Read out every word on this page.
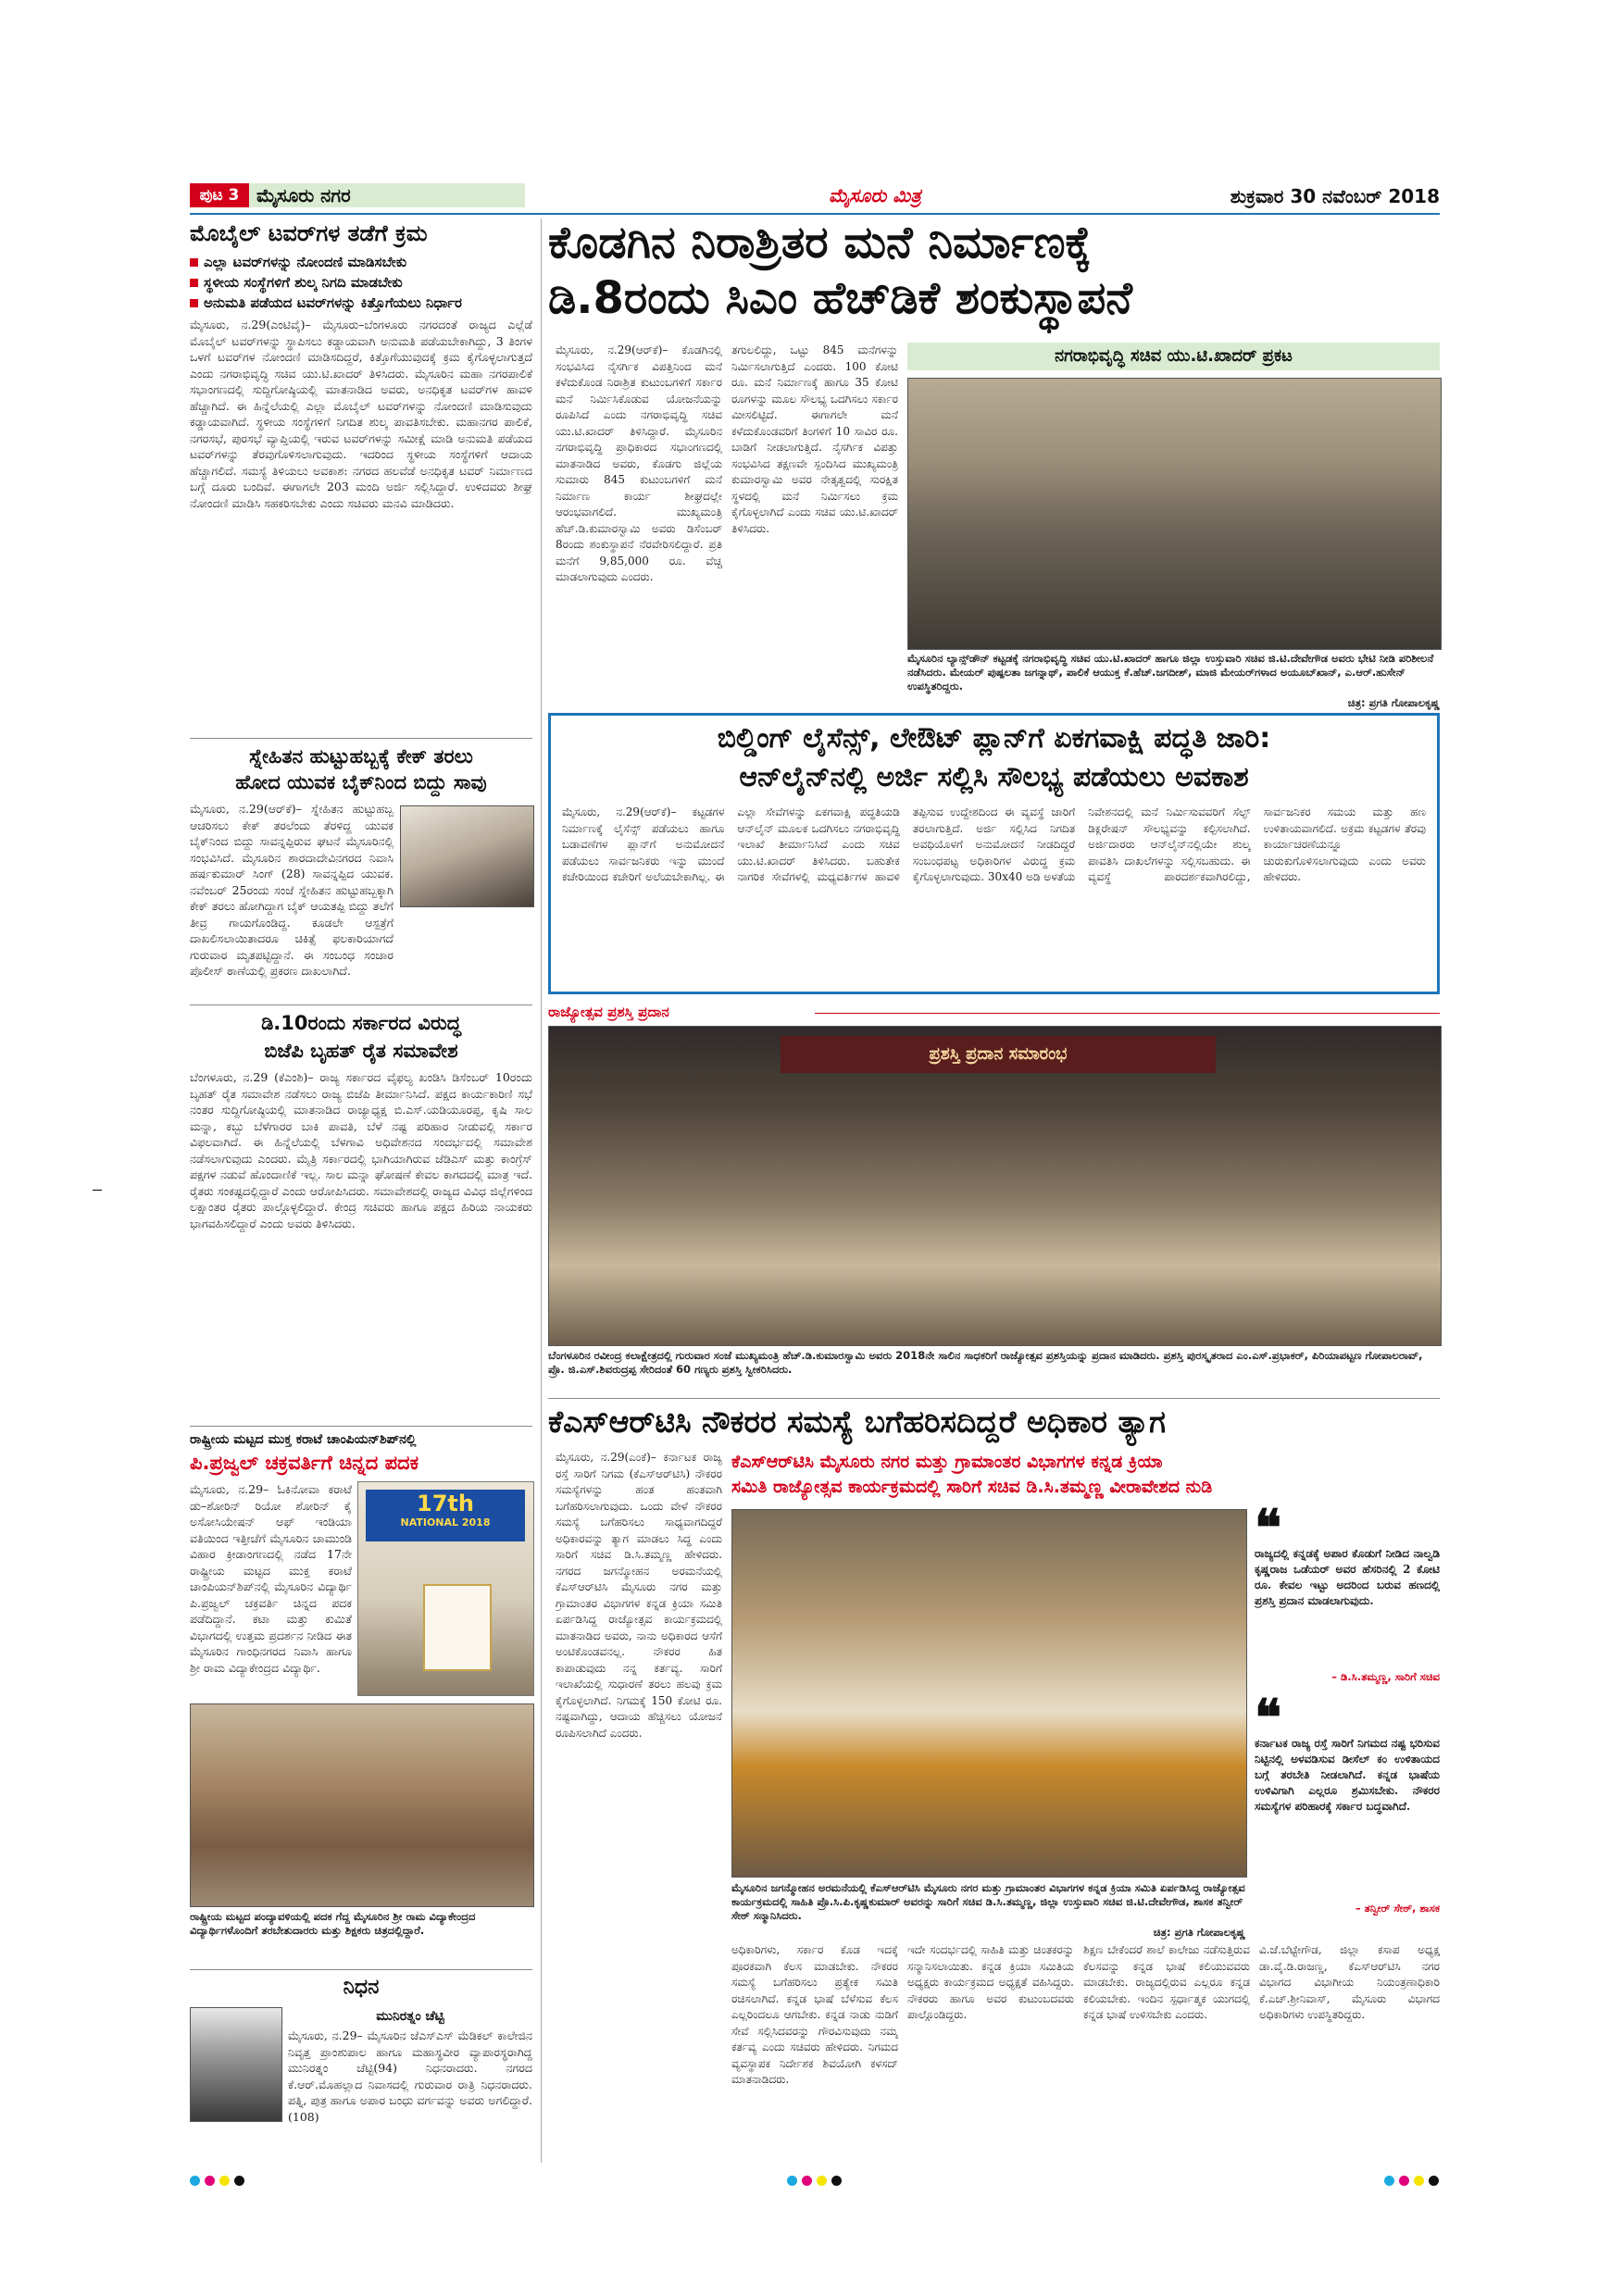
ಪುಟ 3 ಮೈಸೂರು ನಗರ	ಮೈಸೂರು ಮಿತ್ರ	ಶುಕ್ರವಾರ 30 ನವೆಂಬರ್ 2018
ಮೊಬೈಲ್ ಟವರ್‌ಗಳ ತಡೆಗೆ ಕ್ರಮ
ಎಲ್ಲಾ ಟವರ್‌ಗಳನ್ನು ನೋಂದಣಿ ಮಾಡಿಸಬೇಕು
ಸ್ಥಳೀಯ ಸಂಸ್ಥೆಗಳಿಗೆ ಶುಲ್ಕ ನಿಗದಿ ಮಾಡಬೇಕು
ಅನುಮತಿ ಪಡೆಯದ ಟವರ್‌ಗಳನ್ನು ಕಿತ್ತೊಗೆಯಲು ನಿರ್ಧಾರ
ಮೈಸೂರು, ನ.29(ಎಂಟಿವೈ)– ಮೈಸೂರು–ಬೆಂಗಳೂರು ನಗರದಂತೆ ರಾಜ್ಯದ ಎಲ್ಲೆಡೆ ಮೊಬೈಲ್ ಟವರ್‌ಗಳನ್ನು ಸ್ಥಾಪಿಸಲು ಕಡ್ಡಾಯವಾಗಿ ಅನುಮತಿ ಪಡೆಯಬೇಕಾಗಿದ್ದು, 3 ತಿಂಗಳ ಒಳಗೆ ಟವರ್‌ಗಳ ನೋಂದಣಿ ಮಾಡಿಸದಿದ್ದರೆ, ಕಿತ್ತೊಗೆಯುವುದಕ್ಕೆ ಕ್ರಮ ಕೈಗೊಳ್ಳಲಾಗುತ್ತದೆ ಎಂದು ನಗರಾಭಿವೃದ್ಧಿ ಸಚಿವ ಯು.ಟಿ.ಖಾದರ್ ತಿಳಿಸಿದರು. ಮೈಸೂರಿನ ಮಹಾ ನಗರಪಾಲಿಕೆ ಸಭಾಂಗಣದಲ್ಲಿ ಸುದ್ದಿಗೋಷ್ಠಿಯಲ್ಲಿ ಮಾತನಾಡಿದ ಅವರು, ಅನಧಿಕೃತ ಟವರ್‌ಗಳ ಹಾವಳಿ ಹೆಚ್ಚಾಗಿದೆ. ಈ ಹಿನ್ನೆಲೆಯಲ್ಲಿ ಎಲ್ಲಾ ಮೊಬೈಲ್ ಟವರ್‌ಗಳನ್ನು ನೋಂದಣಿ ಮಾಡಿಸುವುದು ಕಡ್ಡಾಯವಾಗಿದೆ. ಸ್ಥಳೀಯ ಸಂಸ್ಥೆಗಳಿಗೆ ನಿಗದಿತ ಶುಲ್ಕ ಪಾವತಿಸಬೇಕು. ಮಹಾನಗರ ಪಾಲಿಕೆ, ನಗರಸಭೆ, ಪುರಸಭೆ ವ್ಯಾಪ್ತಿಯಲ್ಲಿ ಇರುವ ಟವರ್‌ಗಳನ್ನು ಸಮೀಕ್ಷೆ ಮಾಡಿ ಅನುಮತಿ ಪಡೆಯದ ಟವರ್‌ಗಳನ್ನು ತೆರವುಗೊಳಿಸಲಾಗುವುದು. ಇದರಿಂದ ಸ್ಥಳೀಯ ಸಂಸ್ಥೆಗಳಿಗೆ ಆದಾಯ ಹೆಚ್ಚಾಗಲಿದೆ. ಸಮಸ್ಯೆ ತಿಳಿಯಲು ಅವಕಾಶ: ನಗರದ ಹಲವೆಡೆ ಅನಧಿಕೃತ ಟವರ್ ನಿರ್ಮಾಣದ ಬಗ್ಗೆ ದೂರು ಬಂದಿವೆ. ಈಗಾಗಲೇ 203 ಮಂದಿ ಅರ್ಜಿ ಸಲ್ಲಿಸಿದ್ದಾರೆ. ಉಳಿದವರು ಶೀಘ್ರ ನೋಂದಣಿ ಮಾಡಿಸಿ ಸಹಕರಿಸಬೇಕು ಎಂದು ಸಚಿವರು ಮನವಿ ಮಾಡಿದರು.
ಸ್ನೇಹಿತನ ಹುಟ್ಟುಹಬ್ಬಕ್ಕೆ ಕೇಕ್ ತರಲು
ಹೋದ ಯುವಕ ಬೈಕ್‌ನಿಂದ ಬಿದ್ದು ಸಾವು
ಮೈಸೂರು, ನ.29(ಆರ್‌ಕೆ)– ಸ್ನೇಹಿತನ ಹುಟ್ಟುಹಬ್ಬ ಆಚರಿಸಲು ಕೇಕ್ ತರಲೆಂದು ತೆರಳಿದ್ದ ಯುವಕ ಬೈಕ್‌ನಿಂದ ಬಿದ್ದು ಸಾವನ್ನಪ್ಪಿರುವ ಘಟನೆ ಮೈಸೂರಿನಲ್ಲಿ ಸಂಭವಿಸಿದೆ. ಮೈಸೂರಿನ ಶಾರದಾದೇವಿನಗರದ ನಿವಾಸಿ ಹರ್ಷಕುಮಾರ್ ಸಿಂಗ್ (28) ಸಾವನ್ನಪ್ಪಿದ ಯುವಕ. ನವೆಂಬರ್ 25ರಂದು ಸಂಜೆ ಸ್ನೇಹಿತನ ಹುಟ್ಟುಹಬ್ಬಕ್ಕಾಗಿ ಕೇಕ್ ತರಲು ಹೋಗಿದ್ದಾಗ ಬೈಕ್ ಆಯತಪ್ಪಿ ಬಿದ್ದು ತಲೆಗೆ ತೀವ್ರ ಗಾಯಗೊಂಡಿದ್ದ. ಕೂಡಲೇ ಆಸ್ಪತ್ರೆಗೆ ದಾಖಲಿಸಲಾಯಿತಾದರೂ ಚಿಕಿತ್ಸೆ ಫಲಕಾರಿಯಾಗದೆ ಗುರುವಾರ ಮೃತಪಟ್ಟಿದ್ದಾನೆ. ಈ ಸಂಬಂಧ ಸಂಚಾರ ಪೊಲೀಸ್ ಠಾಣೆಯಲ್ಲಿ ಪ್ರಕರಣ ದಾಖಲಾಗಿದೆ.
ಡಿ.10ರಂದು ಸರ್ಕಾರದ ವಿರುದ್ಧ
ಬಿಜೆಪಿ ಬೃಹತ್ ರೈತ ಸಮಾವೇಶ
ಬೆಂಗಳೂರು, ನ.29 (ಕೆಎಂಶಿ)– ರಾಜ್ಯ ಸರ್ಕಾರದ ವೈಫಲ್ಯ ಖಂಡಿಸಿ ಡಿಸೆಂಬರ್ 10ರಂದು ಬೃಹತ್ ರೈತ ಸಮಾವೇಶ ನಡೆಸಲು ರಾಜ್ಯ ಬಿಜೆಪಿ ತೀರ್ಮಾನಿಸಿದೆ. ಪಕ್ಷದ ಕಾರ್ಯಕಾರಿಣಿ ಸಭೆ ನಂತರ ಸುದ್ದಿಗೋಷ್ಠಿಯಲ್ಲಿ ಮಾತನಾಡಿದ ರಾಜ್ಯಾಧ್ಯಕ್ಷ ಬಿ.ಎಸ್.ಯಡಿಯೂರಪ್ಪ, ಕೃಷಿ ಸಾಲ ಮನ್ನಾ, ಕಬ್ಬು ಬೆಳೆಗಾರರ ಬಾಕಿ ಪಾವತಿ, ಬೆಳೆ ನಷ್ಟ ಪರಿಹಾರ ನೀಡುವಲ್ಲಿ ಸರ್ಕಾರ ವಿಫಲವಾಗಿದೆ. ಈ ಹಿನ್ನೆಲೆಯಲ್ಲಿ ಬೆಳಗಾವಿ ಅಧಿವೇಶನದ ಸಂದರ್ಭದಲ್ಲಿ ಸಮಾವೇಶ ನಡೆಸಲಾಗುವುದು ಎಂದರು. ಮೈತ್ರಿ ಸರ್ಕಾರದಲ್ಲಿ ಭಾಗಿಯಾಗಿರುವ ಜೆಡಿಎಸ್ ಮತ್ತು ಕಾಂಗ್ರೆಸ್ ಪಕ್ಷಗಳ ನಡುವೆ ಹೊಂದಾಣಿಕೆ ಇಲ್ಲ. ಸಾಲ ಮನ್ನಾ ಘೋಷಣೆ ಕೇವಲ ಕಾಗದದಲ್ಲಿ ಮಾತ್ರ ಇದೆ. ರೈತರು ಸಂಕಷ್ಟದಲ್ಲಿದ್ದಾರೆ ಎಂದು ಆರೋಪಿಸಿದರು. ಸಮಾವೇಶದಲ್ಲಿ ರಾಜ್ಯದ ವಿವಿಧ ಜಿಲ್ಲೆಗಳಿಂದ ಲಕ್ಷಾಂತರ ರೈತರು ಪಾಲ್ಗೊಳ್ಳಲಿದ್ದಾರೆ. ಕೇಂದ್ರ ಸಚಿವರು ಹಾಗೂ ಪಕ್ಷದ ಹಿರಿಯ ನಾಯಕರು ಭಾಗವಹಿಸಲಿದ್ದಾರೆ ಎಂದು ಅವರು ತಿಳಿಸಿದರು.
ರಾಷ್ಟ್ರೀಯ ಮಟ್ಟದ ಮುಕ್ತ ಕರಾಟೆ ಚಾಂಪಿಯನ್‌ಶಿಪ್‌ನಲ್ಲಿ
ಪಿ.ಪ್ರಜ್ವಲ್ ಚಕ್ರವರ್ತಿಗೆ ಚಿನ್ನದ ಪದಕ
ಮೈಸೂರು, ನ.29– ಓಕಿನೋವಾ ಕರಾಟೆ ಡು–ಶೋರಿನ್ ರಿಯೋ ಶೋರಿನ್ ಕೈ ಅಸೋಸಿಯೇಷನ್ ಆಫ್ ಇಂಡಿಯಾ ವತಿಯಿಂದ ಇತ್ತೀಚೆಗೆ ಮೈಸೂರಿನ ಚಾಮುಂಡಿ ವಿಹಾರ ಕ್ರೀಡಾಂಗಣದಲ್ಲಿ ನಡೆದ 17ನೇ ರಾಷ್ಟ್ರೀಯ ಮಟ್ಟದ ಮುಕ್ತ ಕರಾಟೆ ಚಾಂಪಿಯನ್‌ಶಿಪ್‌ನಲ್ಲಿ ಮೈಸೂರಿನ ವಿದ್ಯಾರ್ಥಿ ಪಿ.ಪ್ರಜ್ವಲ್ ಚಕ್ರವರ್ತಿ ಚಿನ್ನದ ಪದಕ ಪಡೆದಿದ್ದಾನೆ. ಕಟಾ ಮತ್ತು ಕುಮಿತೆ ವಿಭಾಗದಲ್ಲಿ ಉತ್ತಮ ಪ್ರದರ್ಶನ ನೀಡಿದ ಈತ ಮೈಸೂರಿನ ಗಾಂಧಿನಗರದ ನಿವಾಸಿ ಹಾಗೂ ಶ್ರೀ ರಾಮ ವಿದ್ಯಾಕೇಂದ್ರದ ವಿದ್ಯಾರ್ಥಿ.
17th
NATIONAL 2018
ರಾಷ್ಟ್ರೀಯ ಮಟ್ಟದ ಪಂದ್ಯಾವಳಿಯಲ್ಲಿ ಪದಕ ಗೆದ್ದ ಮೈಸೂರಿನ ಶ್ರೀ ರಾಮ ವಿದ್ಯಾಕೇಂದ್ರದ ವಿದ್ಯಾರ್ಥಿಗಳೊಂದಿಗೆ ತರಬೇತುದಾರರು ಮತ್ತು ಶಿಕ್ಷಕರು ಚಿತ್ರದಲ್ಲಿದ್ದಾರೆ.
ನಿಧನ
ಮುನಿರತ್ನಂ ಚೆಟ್ಟಿ
ಮೈಸೂರು, ನ.29– ಮೈಸೂರಿನ ಜೆಎಸ್‌ಎಸ್ ಮೆಡಿಕಲ್ ಕಾಲೇಜಿನ ನಿವೃತ್ತ ಪ್ರಾಂಶುಪಾಲ ಹಾಗೂ ಮಹಾಸ್ಥವೀರ ವ್ಯಾಪಾರಸ್ಥರಾಗಿದ್ದ ಮುನಿರತ್ನಂ ಚೆಟ್ಟಿ(94) ನಿಧನರಾದರು. ನಗರದ ಕೆ.ಆರ್.ಮೊಹಲ್ಲಾದ ನಿವಾಸದಲ್ಲಿ ಗುರುವಾರ ರಾತ್ರಿ ನಿಧನರಾದರು. ಪತ್ನಿ, ಪುತ್ರ ಹಾಗೂ ಅಪಾರ ಬಂಧು ವರ್ಗವನ್ನು ಅವರು ಅಗಲಿದ್ದಾರೆ. (108)
ಕೊಡಗಿನ ನಿರಾಶ್ರಿತರ ಮನೆ ನಿರ್ಮಾಣಕ್ಕೆ
ಡಿ.8ರಂದು ಸಿಎಂ ಹೆಚ್‌ಡಿಕೆ ಶಂಕುಸ್ಥಾಪನೆ
ಮೈಸೂರು, ನ.29(ಆರ್‌ಕೆ)– ಕೊಡಗಿನಲ್ಲಿ ಸಂಭವಿಸಿದ ನೈಸರ್ಗಿಕ ವಿಪತ್ತಿನಿಂದ ಮನೆ ಕಳೆದುಕೊಂಡ ನಿರಾಶ್ರಿತ ಕುಟುಂಬಗಳಿಗೆ ಸರ್ಕಾರ ಮನೆ ನಿರ್ಮಿಸಿಕೊಡುವ ಯೋಜನೆಯನ್ನು ರೂಪಿಸಿದೆ ಎಂದು ನಗರಾಭಿವೃದ್ಧಿ ಸಚಿವ ಯು.ಟಿ.ಖಾದರ್ ತಿಳಿಸಿದ್ದಾರೆ. ಮೈಸೂರಿನ ನಗರಾಭಿವೃದ್ಧಿ ಪ್ರಾಧಿಕಾರದ ಸಭಾಂಗಣದಲ್ಲಿ ಮಾತನಾಡಿದ ಅವರು, ಕೊಡಗು ಜಿಲ್ಲೆಯ ಸುಮಾರು 845 ಕುಟುಂಬಗಳಿಗೆ ಮನೆ ನಿರ್ಮಾಣ ಕಾರ್ಯ ಶೀಘ್ರದಲ್ಲೇ ಆರಂಭವಾಗಲಿದೆ. ಮುಖ್ಯಮಂತ್ರಿ ಹೆಚ್.ಡಿ.ಕುಮಾರಸ್ವಾಮಿ ಅವರು ಡಿಸೆಂಬರ್ 8ರಂದು ಶಂಕುಸ್ಥಾಪನೆ ನೆರವೇರಿಸಲಿದ್ದಾರೆ. ಪ್ರತಿ ಮನೆಗೆ 9,85,000 ರೂ. ವೆಚ್ಚ ಮಾಡಲಾಗುವುದು ಎಂದರು.
ತಗುಲಲಿದ್ದು, ಒಟ್ಟು 845 ಮನೆಗಳನ್ನು ನಿರ್ಮಿಸಲಾಗುತ್ತಿದೆ ಎಂದರು. 100 ಕೋಟಿ ರೂ. ಮನೆ ನಿರ್ಮಾಣಕ್ಕೆ ಹಾಗೂ 35 ಕೋಟಿ ರೂಗಳನ್ನು ಮೂಲ ಸೌಲಭ್ಯ ಒದಗಿಸಲು ಸರ್ಕಾರ ಮೀಸಲಿಟ್ಟಿದೆ. ಈಗಾಗಲೇ ಮನೆ ಕಳೆದುಕೊಂಡವರಿಗೆ ತಿಂಗಳಿಗೆ 10 ಸಾವಿರ ರೂ. ಬಾಡಿಗೆ ನೀಡಲಾಗುತ್ತಿದೆ. ನೈಸರ್ಗಿಕ ವಿಪತ್ತು ಸಂಭವಿಸಿದ ತಕ್ಷಣವೇ ಸ್ಪಂದಿಸಿದ ಮುಖ್ಯಮಂತ್ರಿ ಕುಮಾರಸ್ವಾಮಿ ಅವರ ನೇತೃತ್ವದಲ್ಲಿ ಸುರಕ್ಷಿತ ಸ್ಥಳದಲ್ಲಿ ಮನೆ ನಿರ್ಮಿಸಲು ಕ್ರಮ ಕೈಗೊಳ್ಳಲಾಗಿದೆ ಎಂದು ಸಚಿವ ಯು.ಟಿ.ಖಾದರ್ ತಿಳಿಸಿದರು.
ನಗರಾಭಿವೃದ್ಧಿ ಸಚಿವ ಯು.ಟಿ.ಖಾದರ್ ಪ್ರಕಟ
ಮೈಸೂರಿನ ಲ್ಯಾನ್ಸ್‌ಡೌನ್ ಕಟ್ಟಡಕ್ಕೆ ನಗರಾಭಿವೃದ್ಧಿ ಸಚಿವ ಯು.ಟಿ.ಖಾದರ್ ಹಾಗೂ ಜಿಲ್ಲಾ ಉಸ್ತುವಾರಿ ಸಚಿವ ಜಿ.ಟಿ.ದೇವೇಗೌಡ ಅವರು ಭೇಟಿ ನೀಡಿ ಪರಿಶೀಲನೆ ನಡೆಸಿದರು. ಮೇಯರ್ ಪುಷ್ಪಲತಾ ಜಗನ್ನಾಥ್, ಪಾಲಿಕೆ ಆಯುಕ್ತ ಕೆ.ಹೆಚ್.ಜಗದೀಶ್, ಮಾಜಿ ಮೇಯರ್‌ಗಳಾದ ಅಯೂಬ್‌ಖಾನ್, ಎ.ಆರ್.ಹುಸೇನ್ ಉಪಸ್ಥಿತರಿದ್ದರು.
ಚಿತ್ರ: ಪ್ರಗತಿ ಗೋಪಾಲಕೃಷ್ಣ
ಬಿಲ್ಡಿಂಗ್ ಲೈಸೆನ್ಸ್, ಲೇಔಟ್ ಪ್ಲಾನ್‌ಗೆ ಏಕಗವಾಕ್ಷಿ ಪದ್ಧತಿ ಜಾರಿ:
ಆನ್‌ಲೈನ್‌ನಲ್ಲಿ ಅರ್ಜಿ ಸಲ್ಲಿಸಿ ಸೌಲಭ್ಯ ಪಡೆಯಲು ಅವಕಾಶ
ಮೈಸೂರು, ನ.29(ಆರ್‌ಕೆ)– ಕಟ್ಟಡಗಳ ನಿರ್ಮಾಣಕ್ಕೆ ಲೈಸೆನ್ಸ್ ಪಡೆಯಲು ಹಾಗೂ ಬಡಾವಣೆಗಳ ಪ್ಲಾನ್‌ಗೆ ಅನುಮೋದನೆ ಪಡೆಯಲು ಸಾರ್ವಜನಿಕರು ಇನ್ನು ಮುಂದೆ ಕಚೇರಿಯಿಂದ ಕಚೇರಿಗೆ ಅಲೆಯಬೇಕಾಗಿಲ್ಲ. ಈ ಎಲ್ಲಾ ಸೇವೆಗಳನ್ನು ಏಕಗವಾಕ್ಷಿ ಪದ್ಧತಿಯಡಿ ಆನ್‌ಲೈನ್ ಮೂಲಕ ಒದಗಿಸಲು ನಗರಾಭಿವೃದ್ಧಿ ಇಲಾಖೆ ತೀರ್ಮಾನಿಸಿದೆ ಎಂದು ಸಚಿವ ಯು.ಟಿ.ಖಾದರ್ ತಿಳಿಸಿದರು. ಬಹುತೇಕ ನಾಗರಿಕ ಸೇವೆಗಳಲ್ಲಿ ಮಧ್ಯವರ್ತಿಗಳ ಹಾವಳಿ ತಪ್ಪಿಸುವ ಉದ್ದೇಶದಿಂದ ಈ ವ್ಯವಸ್ಥೆ ಜಾರಿಗೆ ತರಲಾಗುತ್ತಿದೆ. ಅರ್ಜಿ ಸಲ್ಲಿಸಿದ ನಿಗದಿತ ಅವಧಿಯೊಳಗೆ ಅನುಮೋದನೆ ನೀಡದಿದ್ದರೆ ಸಂಬಂಧಪಟ್ಟ ಅಧಿಕಾರಿಗಳ ವಿರುದ್ಧ ಕ್ರಮ ಕೈಗೊಳ್ಳಲಾಗುವುದು. 30x40 ಅಡಿ ಅಳತೆಯ ನಿವೇಶನದಲ್ಲಿ ಮನೆ ನಿರ್ಮಿಸುವವರಿಗೆ ಸೆಲ್ಫ್ ಡಿಕ್ಲರೇಷನ್ ಸೌಲಭ್ಯವನ್ನು ಕಲ್ಪಿಸಲಾಗಿದೆ. ಅರ್ಜಿದಾರರು ಆನ್‌ಲೈನ್‌ನಲ್ಲಿಯೇ ಶುಲ್ಕ ಪಾವತಿಸಿ ದಾಖಲೆಗಳನ್ನು ಸಲ್ಲಿಸಬಹುದು. ಈ ವ್ಯವಸ್ಥೆ ಪಾರದರ್ಶಕವಾಗಿರಲಿದ್ದು, ಸಾರ್ವಜನಿಕರ ಸಮಯ ಮತ್ತು ಹಣ ಉಳಿತಾಯವಾಗಲಿದೆ. ಅಕ್ರಮ ಕಟ್ಟಡಗಳ ತೆರವು ಕಾರ್ಯಾಚರಣೆಯನ್ನೂ ಚುರುಕುಗೊಳಿಸಲಾಗುವುದು ಎಂದು ಅವರು ಹೇಳಿದರು.
ರಾಜ್ಯೋತ್ಸವ ಪ್ರಶಸ್ತಿ ಪ್ರದಾನ
ಪ್ರಶಸ್ತಿ ಪ್ರದಾನ ಸಮಾರಂಭ
ಬೆಂಗಳೂರಿನ ರವೀಂದ್ರ ಕಲಾಕ್ಷೇತ್ರದಲ್ಲಿ ಗುರುವಾರ ಸಂಜೆ ಮುಖ್ಯಮಂತ್ರಿ ಹೆಚ್.ಡಿ.ಕುಮಾರಸ್ವಾಮಿ ಅವರು 2018ನೇ ಸಾಲಿನ ಸಾಧಕರಿಗೆ ರಾಜ್ಯೋತ್ಸವ ಪ್ರಶಸ್ತಿಯನ್ನು ಪ್ರದಾನ ಮಾಡಿದರು. ಪ್ರಶಸ್ತಿ ಪುರಸ್ಕೃತರಾದ ಎಂ.ಎಸ್.ಪ್ರಭಾಕರ್, ಪಿರಿಯಾಪಟ್ಟಣ ಗೋಪಾಲರಾವ್, ಪ್ರೊ. ಜಿ.ಎಸ್.ಶಿವರುದ್ರಪ್ಪ ಸೇರಿದಂತೆ 60 ಗಣ್ಯರು ಪ್ರಶಸ್ತಿ ಸ್ವೀಕರಿಸಿದರು.
ಕೆಎಸ್‌ಆರ್‌ಟಿಸಿ ನೌಕರರ ಸಮಸ್ಯೆ ಬಗೆಹರಿಸದಿದ್ದರೆ ಅಧಿಕಾರ ತ್ಯಾಗ
ಮೈಸೂರು, ನ.29(ಎಂಕೆ)– ಕರ್ನಾಟಕ ರಾಜ್ಯ ರಸ್ತೆ ಸಾರಿಗೆ ನಿಗಮ (ಕೆಎಸ್‌ಆರ್‌ಟಿಸಿ) ನೌಕರರ ಸಮಸ್ಯೆಗಳನ್ನು ಹಂತ ಹಂತವಾಗಿ ಬಗೆಹರಿಸಲಾಗುವುದು. ಒಂದು ವೇಳೆ ನೌಕರರ ಸಮಸ್ಯೆ ಬಗೆಹರಿಸಲು ಸಾಧ್ಯವಾಗದಿದ್ದರೆ ಅಧಿಕಾರವನ್ನು ತ್ಯಾಗ ಮಾಡಲು ಸಿದ್ಧ ಎಂದು ಸಾರಿಗೆ ಸಚಿವ ಡಿ.ಸಿ.ತಮ್ಮಣ್ಣ ಹೇಳಿದರು. ನಗರದ ಜಗನ್ಮೋಹನ ಅರಮನೆಯಲ್ಲಿ ಕೆಎಸ್‌ಆರ್‌ಟಿಸಿ ಮೈಸೂರು ನಗರ ಮತ್ತು ಗ್ರಾಮಾಂತರ ವಿಭಾಗಗಳ ಕನ್ನಡ ಕ್ರಿಯಾ ಸಮಿತಿ ಏರ್ಪಡಿಸಿದ್ದ ರಾಜ್ಯೋತ್ಸವ ಕಾರ್ಯಕ್ರಮದಲ್ಲಿ ಮಾತನಾಡಿದ ಅವರು, ನಾನು ಅಧಿಕಾರದ ಆಸೆಗೆ ಅಂಟಿಕೊಂಡವನಲ್ಲ. ನೌಕರರ ಹಿತ ಕಾಪಾಡುವುದು ನನ್ನ ಕರ್ತವ್ಯ. ಸಾರಿಗೆ ಇಲಾಖೆಯಲ್ಲಿ ಸುಧಾರಣೆ ತರಲು ಹಲವು ಕ್ರಮ ಕೈಗೊಳ್ಳಲಾಗಿದೆ. ನಿಗಮಕ್ಕೆ 150 ಕೋಟಿ ರೂ. ನಷ್ಟವಾಗಿದ್ದು, ಆದಾಯ ಹೆಚ್ಚಿಸಲು ಯೋಜನೆ ರೂಪಿಸಲಾಗಿದೆ ಎಂದರು.
ಕೆಎಸ್‌ಆರ್‌ಟಿಸಿ ಮೈಸೂರು ನಗರ ಮತ್ತು ಗ್ರಾಮಾಂತರ ವಿಭಾಗಗಳ ಕನ್ನಡ ಕ್ರಿಯಾ
ಸಮಿತಿ ರಾಜ್ಯೋತ್ಸವ ಕಾರ್ಯಕ್ರಮದಲ್ಲಿ ಸಾರಿಗೆ ಸಚಿವ ಡಿ.ಸಿ.ತಮ್ಮಣ್ಣ ವೀರಾವೇಶದ ನುಡಿ
ಮೈಸೂರಿನ ಜಗನ್ಮೋಹನ ಅರಮನೆಯಲ್ಲಿ ಕೆಎಸ್‌ಆರ್‌ಟಿಸಿ ಮೈಸೂರು ನಗರ ಮತ್ತು ಗ್ರಾಮಾಂತರ ವಿಭಾಗಗಳ ಕನ್ನಡ ಕ್ರಿಯಾ ಸಮಿತಿ ಏರ್ಪಡಿಸಿದ್ದ ರಾಜ್ಯೋತ್ಸವ ಕಾರ್ಯಕ್ರಮದಲ್ಲಿ ಸಾಹಿತಿ ಪ್ರೊ.ಸಿ.ಪಿ.ಕೃಷ್ಣಕುಮಾರ್ ಅವರನ್ನು ಸಾರಿಗೆ ಸಚಿವ ಡಿ.ಸಿ.ತಮ್ಮಣ್ಣ, ಜಿಲ್ಲಾ ಉಸ್ತುವಾರಿ ಸಚಿವ ಜಿ.ಟಿ.ದೇವೇಗೌಡ, ಶಾಸಕ ತನ್ವೀರ್ ಸೇಠ್ ಸನ್ಮಾನಿಸಿದರು.
ಚಿತ್ರ: ಪ್ರಗತಿ ಗೋಪಾಲಕೃಷ್ಣ
❝
ರಾಜ್ಯದಲ್ಲಿ ಕನ್ನಡಕ್ಕೆ ಅಪಾರ ಕೊಡುಗೆ ನೀಡಿದ ನಾಲ್ವಡಿ ಕೃಷ್ಣರಾಜ ಒಡೆಯರ್ ಅವರ ಹೆಸರಿನಲ್ಲಿ 2 ಕೋಟಿ ರೂ. ಕೇವಲ ಇಟ್ಟು ಅದರಿಂದ ಬರುವ ಹಣದಲ್ಲಿ ಪ್ರಶಸ್ತಿ ಪ್ರದಾನ ಮಾಡಲಾಗುವುದು.
– ಡಿ.ಸಿ.ತಮ್ಮಣ್ಣ, ಸಾರಿಗೆ ಸಚಿವ
❝
ಕರ್ನಾಟಕ ರಾಜ್ಯ ರಸ್ತೆ ಸಾರಿಗೆ ನಿಗಮದ ನಷ್ಟ ಭರಿಸುವ ನಿಟ್ಟಿನಲ್ಲಿ ಅಳವಡಿಸುವ ಡೀಸೆಲ್ ಕಂ ಉಳಿತಾಯದ ಬಗ್ಗೆ ತರಬೇತಿ ನೀಡಲಾಗಿದೆ. ಕನ್ನಡ ಭಾಷೆಯ ಉಳಿವಿಗಾಗಿ ಎಲ್ಲರೂ ಶ್ರಮಿಸಬೇಕು. ನೌಕರರ ಸಮಸ್ಯೆಗಳ ಪರಿಹಾರಕ್ಕೆ ಸರ್ಕಾರ ಬದ್ಧವಾಗಿದೆ.
– ತನ್ವೀರ್ ಸೇಠ್, ಶಾಸಕ
ಅಧಿಕಾರಿಗಳು, ಸರ್ಕಾರ ಕೊಡ ಇದಕ್ಕೆ ಪೂರಕವಾಗಿ ಕೆಲಸ ಮಾಡಬೇಕು. ನೌಕರರ ಸಮಸ್ಯೆ ಬಗೆಹರಿಸಲು ಪ್ರತ್ಯೇಕ ಸಮಿತಿ ರಚಿಸಲಾಗಿದೆ. ಕನ್ನಡ ಭಾಷೆ ಬೆಳೆಸುವ ಕೆಲಸ ಎಲ್ಲರಿಂದಲೂ ಆಗಬೇಕು. ಕನ್ನಡ ನಾಡು ನುಡಿಗೆ ಸೇವೆ ಸಲ್ಲಿಸಿದವರನ್ನು ಗೌರವಿಸುವುದು ನಮ್ಮ ಕರ್ತವ್ಯ ಎಂದು ಸಚಿವರು ಹೇಳಿದರು. ನಿಗಮದ ವ್ಯವಸ್ಥಾಪಕ ನಿರ್ದೇಶಕ ಶಿವಯೋಗಿ ಕಳಸದ್ ಮಾತನಾಡಿದರು.
ಇದೇ ಸಂದರ್ಭದಲ್ಲಿ ಸಾಹಿತಿ ಮತ್ತು ಚಿಂತಕರನ್ನು ಸನ್ಮಾನಿಸಲಾಯಿತು. ಕನ್ನಡ ಕ್ರಿಯಾ ಸಮಿತಿಯ ಅಧ್ಯಕ್ಷರು ಕಾರ್ಯಕ್ರಮದ ಅಧ್ಯಕ್ಷತೆ ವಹಿಸಿದ್ದರು. ನೌಕರರು ಹಾಗೂ ಅವರ ಕುಟುಂಬದವರು ಪಾಲ್ಗೊಂಡಿದ್ದರು.
ಶಿಕ್ಷಣ ಬೇಕೆಂದರೆ ಶಾಲೆ ಕಾಲೇಜು ನಡೆಸುತ್ತಿರುವ ಕೆಲಸವನ್ನು ಕನ್ನಡ ಭಾಷೆ ಕಲಿಯುವವರು ಮಾಡಬೇಕು. ರಾಜ್ಯದಲ್ಲಿರುವ ಎಲ್ಲರೂ ಕನ್ನಡ ಕಲಿಯಬೇಕು. ಇಂದಿನ ಸ್ಪರ್ಧಾತ್ಮಕ ಯುಗದಲ್ಲಿ ಕನ್ನಡ ಭಾಷೆ ಉಳಿಸಬೇಕು ಎಂದರು.
ವಿ.ಜೆ.ಬೆಟ್ಟೇಗೌಡ, ಜಿಲ್ಲಾ ಕಸಾಪ ಅಧ್ಯಕ್ಷ ಡಾ.ವೈ.ಡಿ.ರಾಜಣ್ಣ, ಕೆಎಸ್‌ಆರ್‌ಟಿಸಿ ನಗರ ವಿಭಾಗದ ವಿಭಾಗೀಯ ನಿಯಂತ್ರಣಾಧಿಕಾರಿ ಕೆ.ಎಚ್.ಶ್ರೀನಿವಾಸ್, ಮೈಸೂರು ವಿಭಾಗದ ಅಧಿಕಾರಿಗಳು ಉಪಸ್ಥಿತರಿದ್ದರು.
